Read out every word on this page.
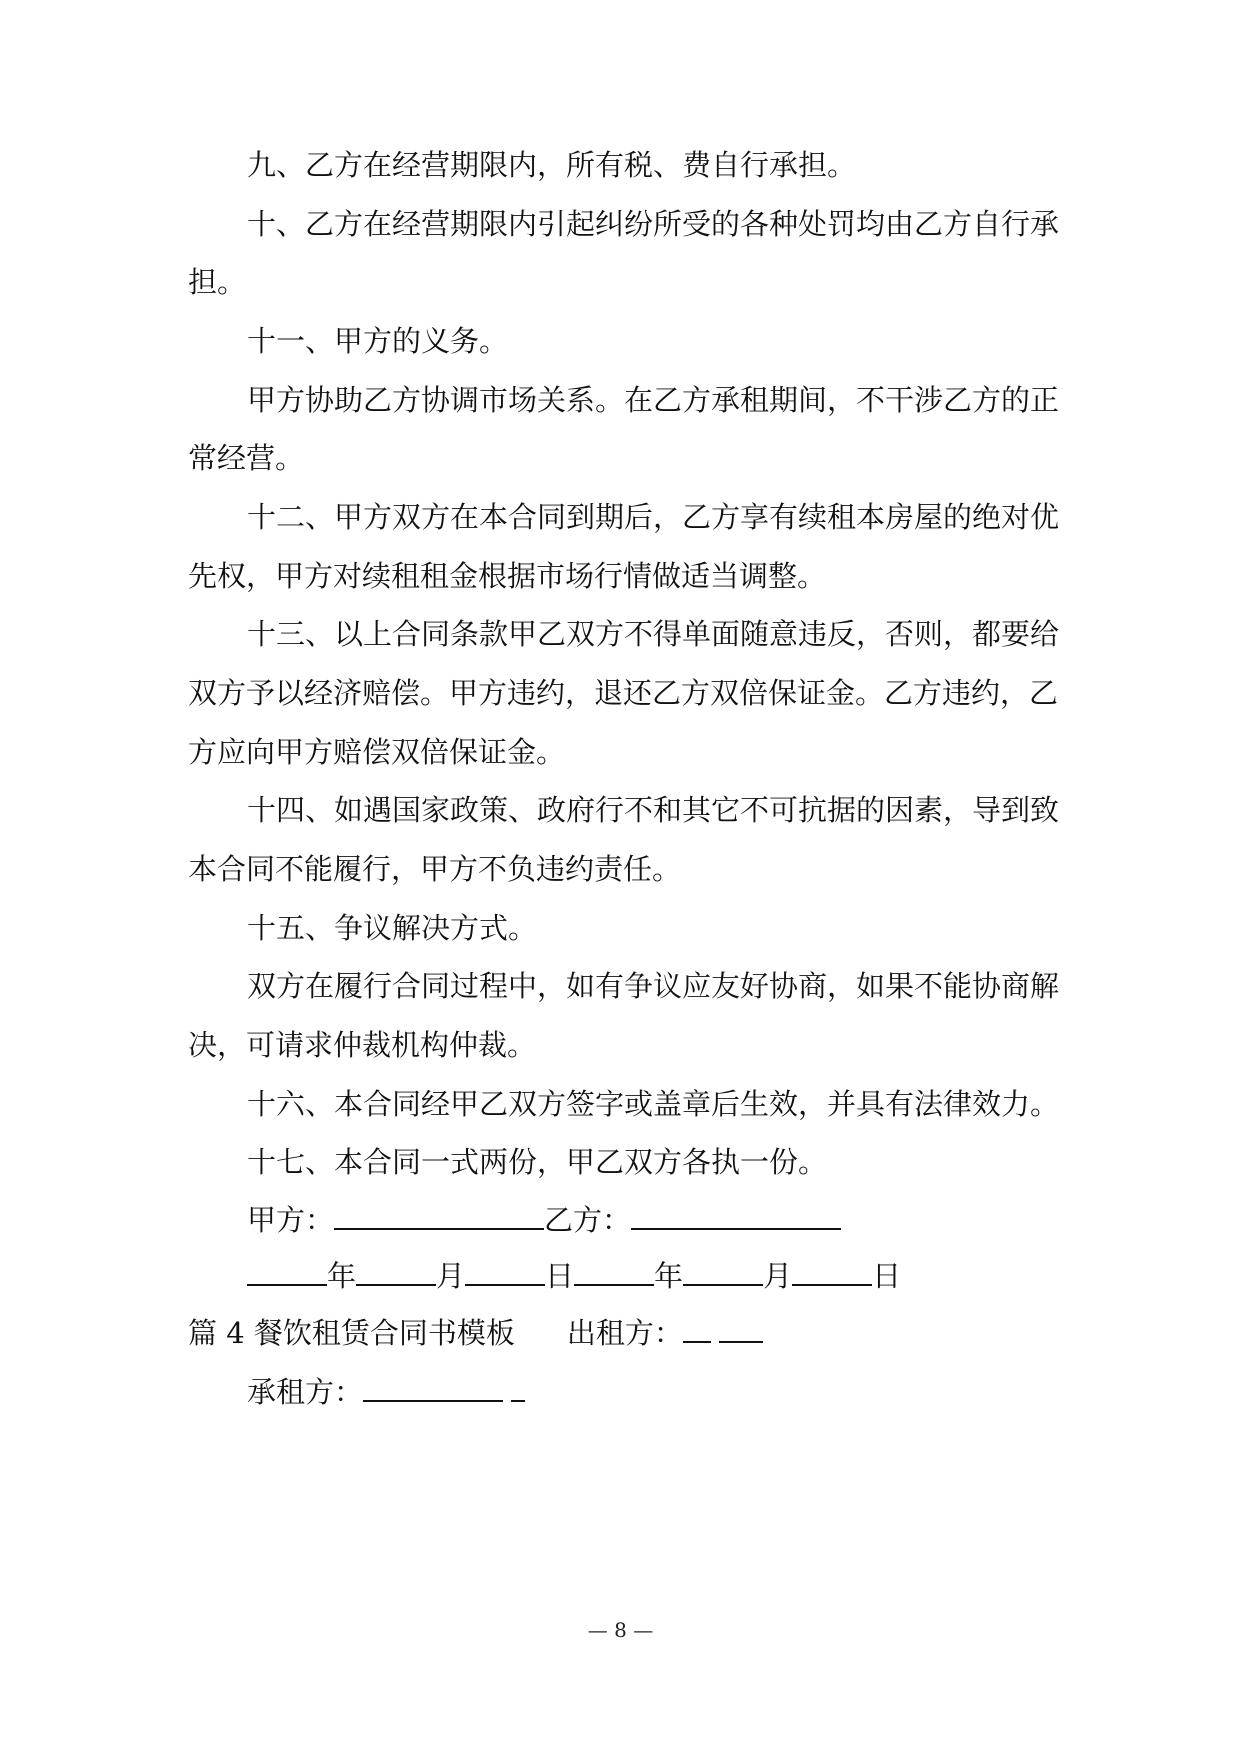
九、乙方在经营期限内，所有税、费自行承担。
十、乙方在经营期限内引起纠纷所受的各种处罚均由乙方自行承
担。
十一、甲方的义务。
甲方协助乙方协调市场关系。在乙方承租期间，不干涉乙方的正
常经营。
十二、甲方双方在本合同到期后，乙方享有续租本房屋的绝对优
先权，甲方对续租租金根据市场行情做适当调整。
十三、以上合同条款甲乙双方不得单面随意违反，否则，都要给
双方予以经济赔偿。甲方违约，退还乙方双倍保证金。乙方违约，乙
方应向甲方赔偿双倍保证金。
十四、如遇国家政策、政府行不和其它不可抗据的因素，导到致
本合同不能履行，甲方不负违约责任。
十五、争议解决方式。
双方在履行合同过程中，如有争议应友好协商，如果不能协商解
决，可请求仲裁机构仲裁。
十六、本合同经甲乙双方签字或盖章后生效，并具有法律效力。
十七、本合同一式两份，甲乙双方各执一份。
甲方：	乙方：
年	月	日	年	月	日
篇 4 餐饮租赁合同书模板 出租方：
承租方：
— 8 —
